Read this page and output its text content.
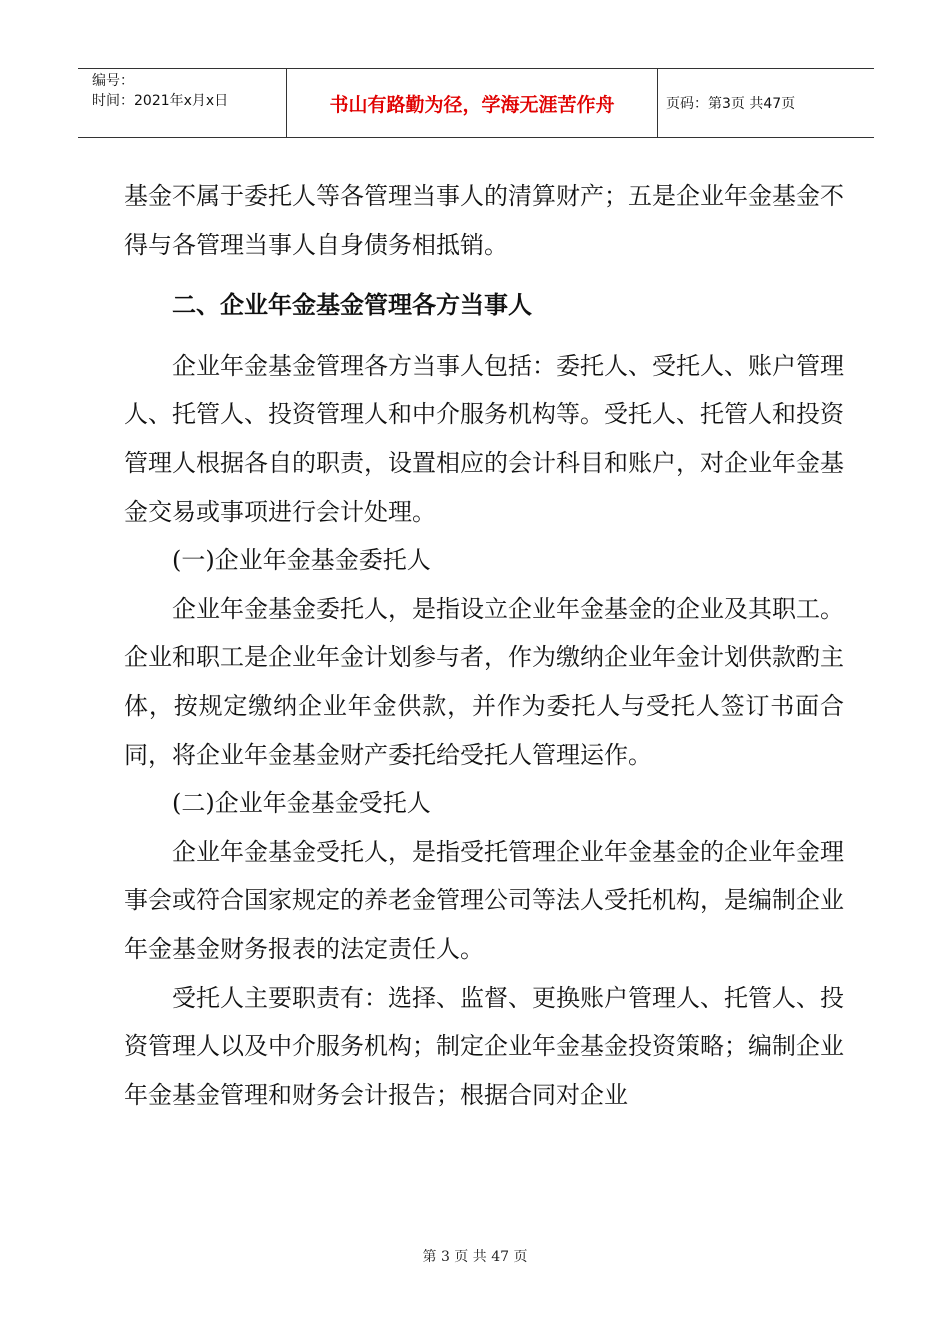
编号：
时间：2021年x月x日	书山有路勤为径，学海无涯苦作舟	页码：第3页 共47页

基金不属于委托人等各管理当事人的清算财产；五是企业年金基金不得与各管理当事人自身债务相抵销。

二、企业年金基金管理各方当事人

企业年金基金管理各方当事人包括：委托人、受托人、账户管理人、托管人、投资管理人和中介服务机构等。受托人、托管人和投资管理人根据各自的职责，设置相应的会计科目和账户，对企业年金基金交易或事项进行会计处理。

(一)企业年金基金委托人

企业年金基金委托人，是指设立企业年金基金的企业及其职工。企业和职工是企业年金计划参与者，作为缴纳企业年金计划供款酌主体，按规定缴纳企业年金供款，并作为委托人与受托人签订书面合同，将企业年金基金财产委托给受托人管理运作。

(二)企业年金基金受托人

企业年金基金受托人，是指受托管理企业年金基金的企业年金理事会或符合国家规定的养老金管理公司等法人受托机构，是编制企业年金基金财务报表的法定责任人。

受托人主要职责有：选择、监督、更换账户管理人、托管人、投资管理人以及中介服务机构；制定企业年金基金投资策略；编制企业年金基金管理和财务会计报告；根据合同对企业

第 3 页 共 47 页
